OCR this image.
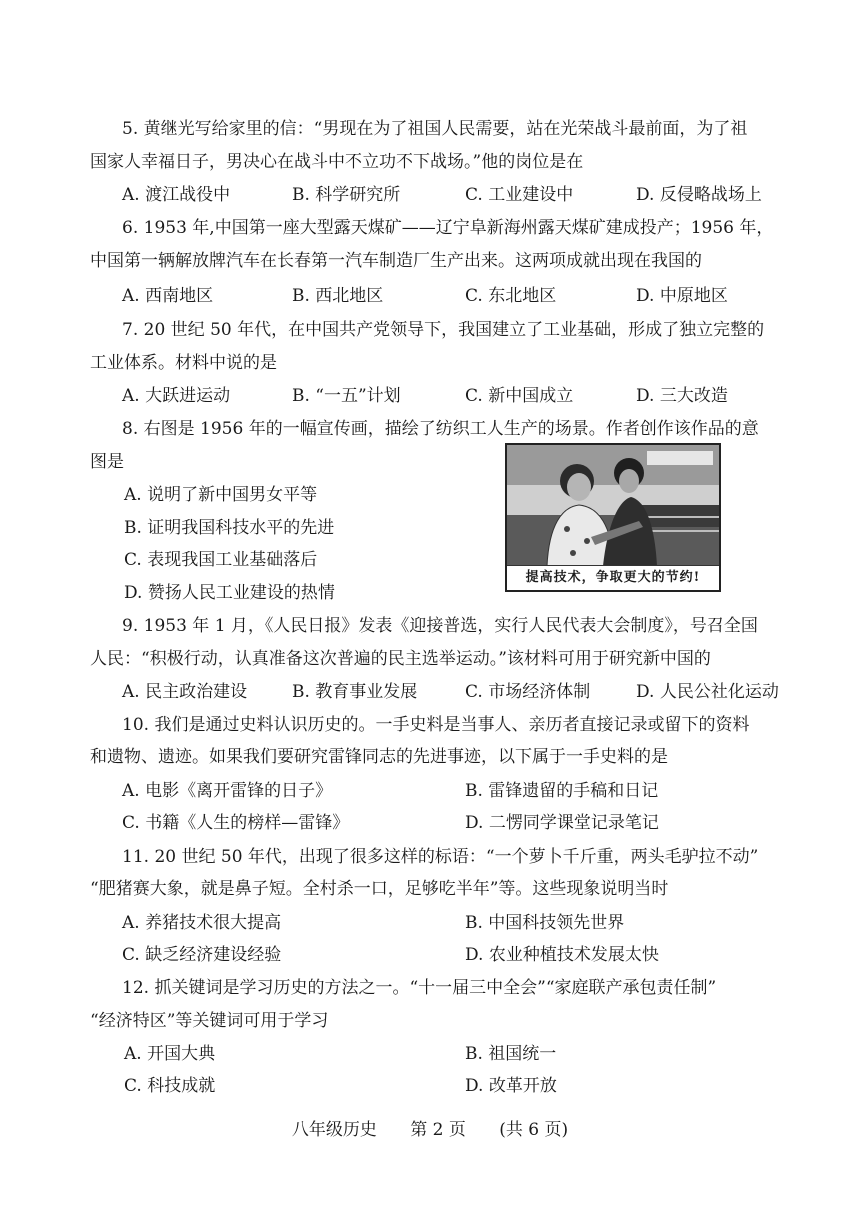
5. 黄继光写给家里的信：“男现在为了祖国人民需要，站在光荣战斗最前面，为了祖
国家人幸福日子，男决心在战斗中不立功不下战场。”他的岗位是在
A. 渡江战役中	B. 科学研究所	C. 工业建设中	D. 反侵略战场上
6. 1953 年,中国第一座大型露天煤矿——辽宁阜新海州露天煤矿建成投产；1956 年，
中国第一辆解放牌汽车在长春第一汽车制造厂生产出来。这两项成就出现在我国的
A. 西南地区	B. 西北地区	C. 东北地区	D. 中原地区
7. 20 世纪 50 年代，在中国共产党领导下，我国建立了工业基础，形成了独立完整的
工业体系。材料中说的是
A. 大跃进运动	B. “一五”计划	C. 新中国成立	D. 三大改造
8. 右图是 1956 年的一幅宣传画，描绘了纺织工人生产的场景。作者创作该作品的意
图是
A. 说明了新中国男女平等
B. 证明我国科技水平的先进
C. 表现我国工业基础落后
D. 赞扬人民工业建设的热情
提高技术，争取更大的节约!
9. 1953 年 1 月，《人民日报》发表《迎接普选，实行人民代表大会制度》，号召全国
人民：“积极行动，认真准备这次普遍的民主选举运动。”该材料可用于研究新中国的
A. 民主政治建设	B. 教育事业发展	C. 市场经济体制	D. 人民公社化运动
10. 我们是通过史料认识历史的。一手史料是当事人、亲历者直接记录或留下的资料
和遗物、遗迹。如果我们要研究雷锋同志的先进事迹，以下属于一手史料的是
A. 电影《离开雷锋的日子》	B. 雷锋遗留的手稿和日记
C. 书籍《人生的榜样—雷锋》	D. 二愣同学课堂记录笔记
11. 20 世纪 50 年代，出现了很多这样的标语：“一个萝卜千斤重，两头毛驴拉不动”
“肥猪赛大象，就是鼻子短。全村杀一口，足够吃半年”等。这些现象说明当时
A. 养猪技术很大提高	B. 中国科技领先世界
C. 缺乏经济建设经验	D. 农业种植技术发展太快
12. 抓关键词是学习历史的方法之一。“十一届三中全会”“家庭联产承包责任制”
“经济特区”等关键词可用于学习
A. 开国大典	B. 祖国统一
C. 科技成就	D. 改革开放
八年级历史 第 2 页 (共 6 页)
